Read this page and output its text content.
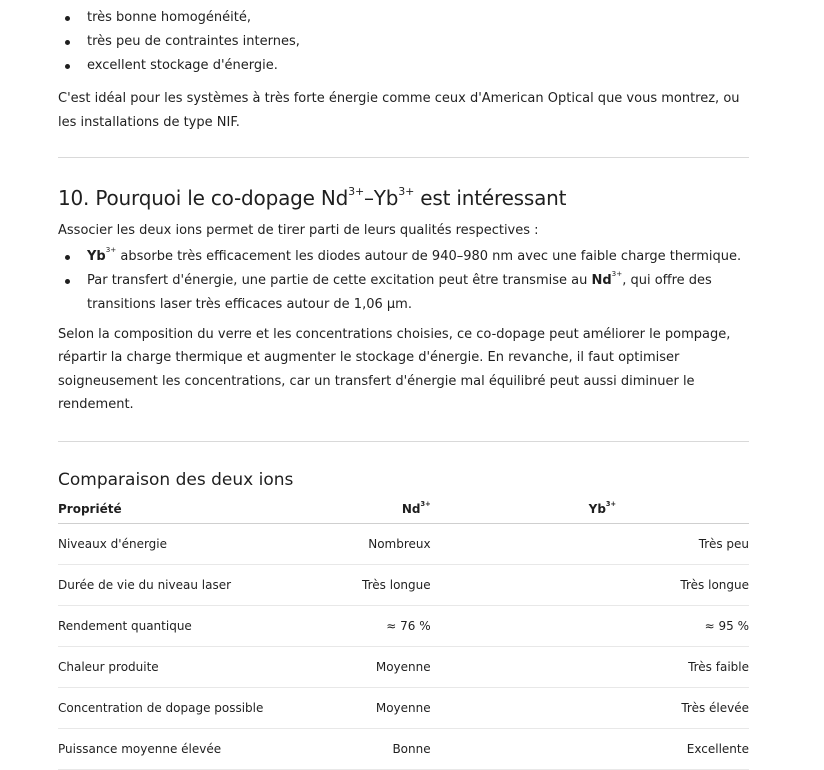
très bonne homogénéité,
très peu de contraintes internes,
excellent stockage d'énergie.

C'est idéal pour les systèmes à très forte énergie comme ceux d'American Optical que vous montrez, ou les installations de type NIF.

10. Pourquoi le co-dopage $Nd^{3+}-Yb^{3+}$ est intéressant

Associer les deux ions permet de tirer parti de leurs qualités respectives :

$Yb^{3+}$ absorbe très efficacement les diodes autour de 940–980 nm avec une faible charge thermique.
Par transfert d'énergie, une partie de cette excitation peut être transmise au $Nd^{3+}$, qui offre des transitions laser très efficaces autour de 1,06 µm.

Selon la composition du verre et les concentrations choisies, ce co-dopage peut améliorer le pompage, répartir la charge thermique et augmenter le stockage d'énergie. En revanche, il faut optimiser soigneusement les concentrations, car un transfert d'énergie mal équilibré peut aussi diminuer le rendement.

Comparaison des deux ions
Propriété	$Nd^{3+}$	$Yb^{3+}$
Niveaux d'énergie	Nombreux	Très peu
Durée de vie du niveau laser	Très longue	Très longue
Rendement quantique	≈ 76 %	≈ 95 %
Chaleur produite	Moyenne	Très faible
Concentration de dopage possible	Moyenne	Très élevée
Puissance moyenne élevée	Bonne	Excellente
